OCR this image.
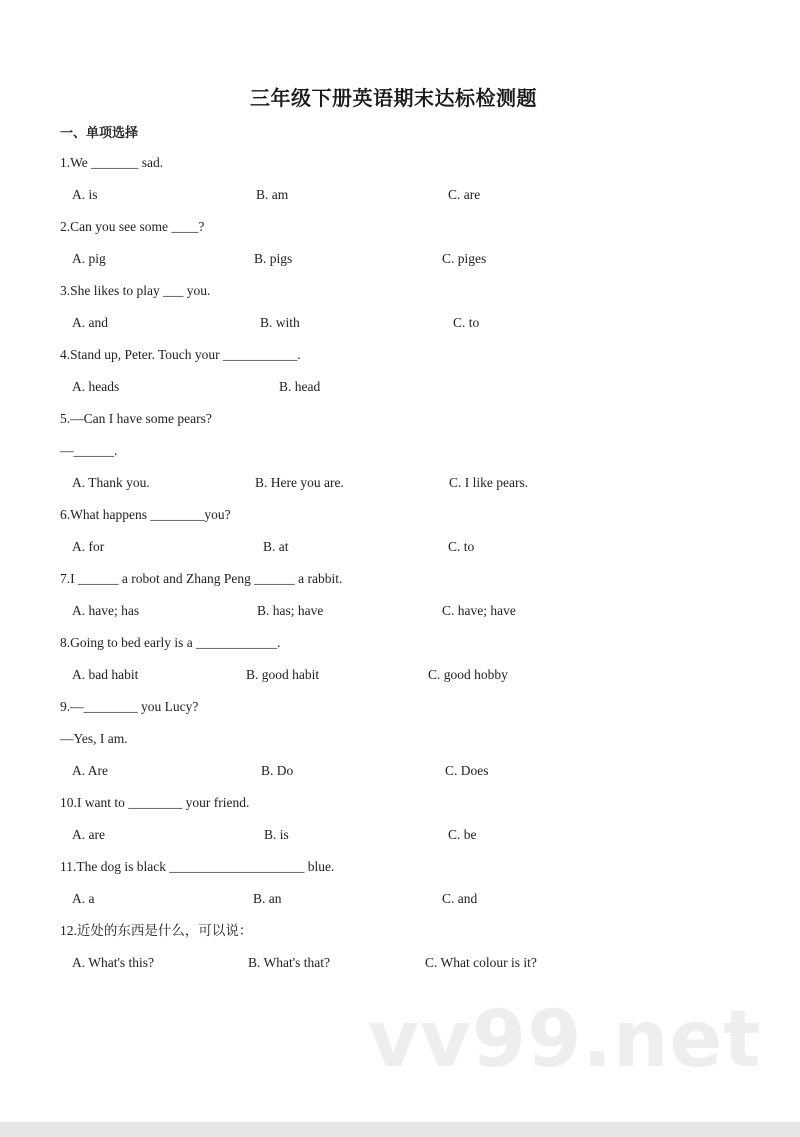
三年级下册英语期末达标检测题
一、单项选择
vv99.net
1.We _______ sad.
A. is	B. am	C. are
2.Can you see some ____?
A. pig	B. pigs	C. piges
3.She likes to play ___ you.
A. and	B. with	C. to
4.Stand up, Peter. Touch your ___________.
A. heads	B. head
5.—Can I have some pears?
—______.
A. Thank you.	B. Here you are.	C. I like pears.
6.What happens ________you?
A. for	B. at	C. to
7.I ______ a robot and Zhang Peng ______ a rabbit.
A. have; has	B. has; have	C. have; have
8.Going to bed early is a ____________.
A. bad habit	B. good habit	C. good hobby
9.—________ you Lucy?
—Yes, I am.
A. Are	B. Do	C. Does
10.I want to ________ your friend.
A. are	B. is	C. be
11.The dog is black ____________________ blue.
A. a	B. an	C. and
12.近处的东西是什么，可以说：
A. What's this?	B. What's that?	C. What colour is it?
